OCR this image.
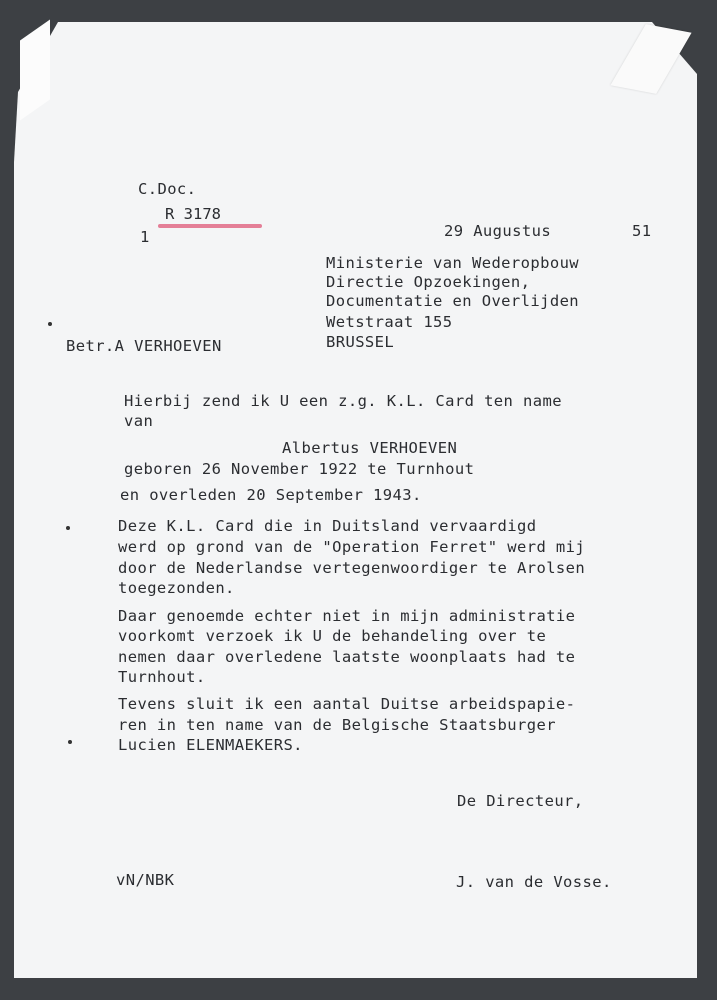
C.Doc.
R 3178
1	29 Augustus	51
Ministerie van Wederopbouw
Directie Opzoekingen,
Documentatie en Overlijden
Wetstraat 155
BRUSSEL
Betr.A VERHOEVEN
Hierbij zend ik U een z.g. K.L. Card ten name
van
Albertus VERHOEVEN
geboren 26 November 1922 te Turnhout
en overleden 20 September 1943.
Deze K.L. Card die in Duitsland vervaardigd
werd op grond van de "Operation Ferret" werd mij
door de Nederlandse vertegenwoordiger te Arolsen
toegezonden.
Daar genoemde echter niet in mijn administratie
voorkomt verzoek ik U de behandeling over te
nemen daar overledene laatste woonplaats had te
Turnhout.
Tevens sluit ik een aantal Duitse arbeidspapie-
ren in ten name van de Belgische Staatsburger
Lucien ELENMAEKERS.
De Directeur,
vN/NBK	J. van de Vosse.
